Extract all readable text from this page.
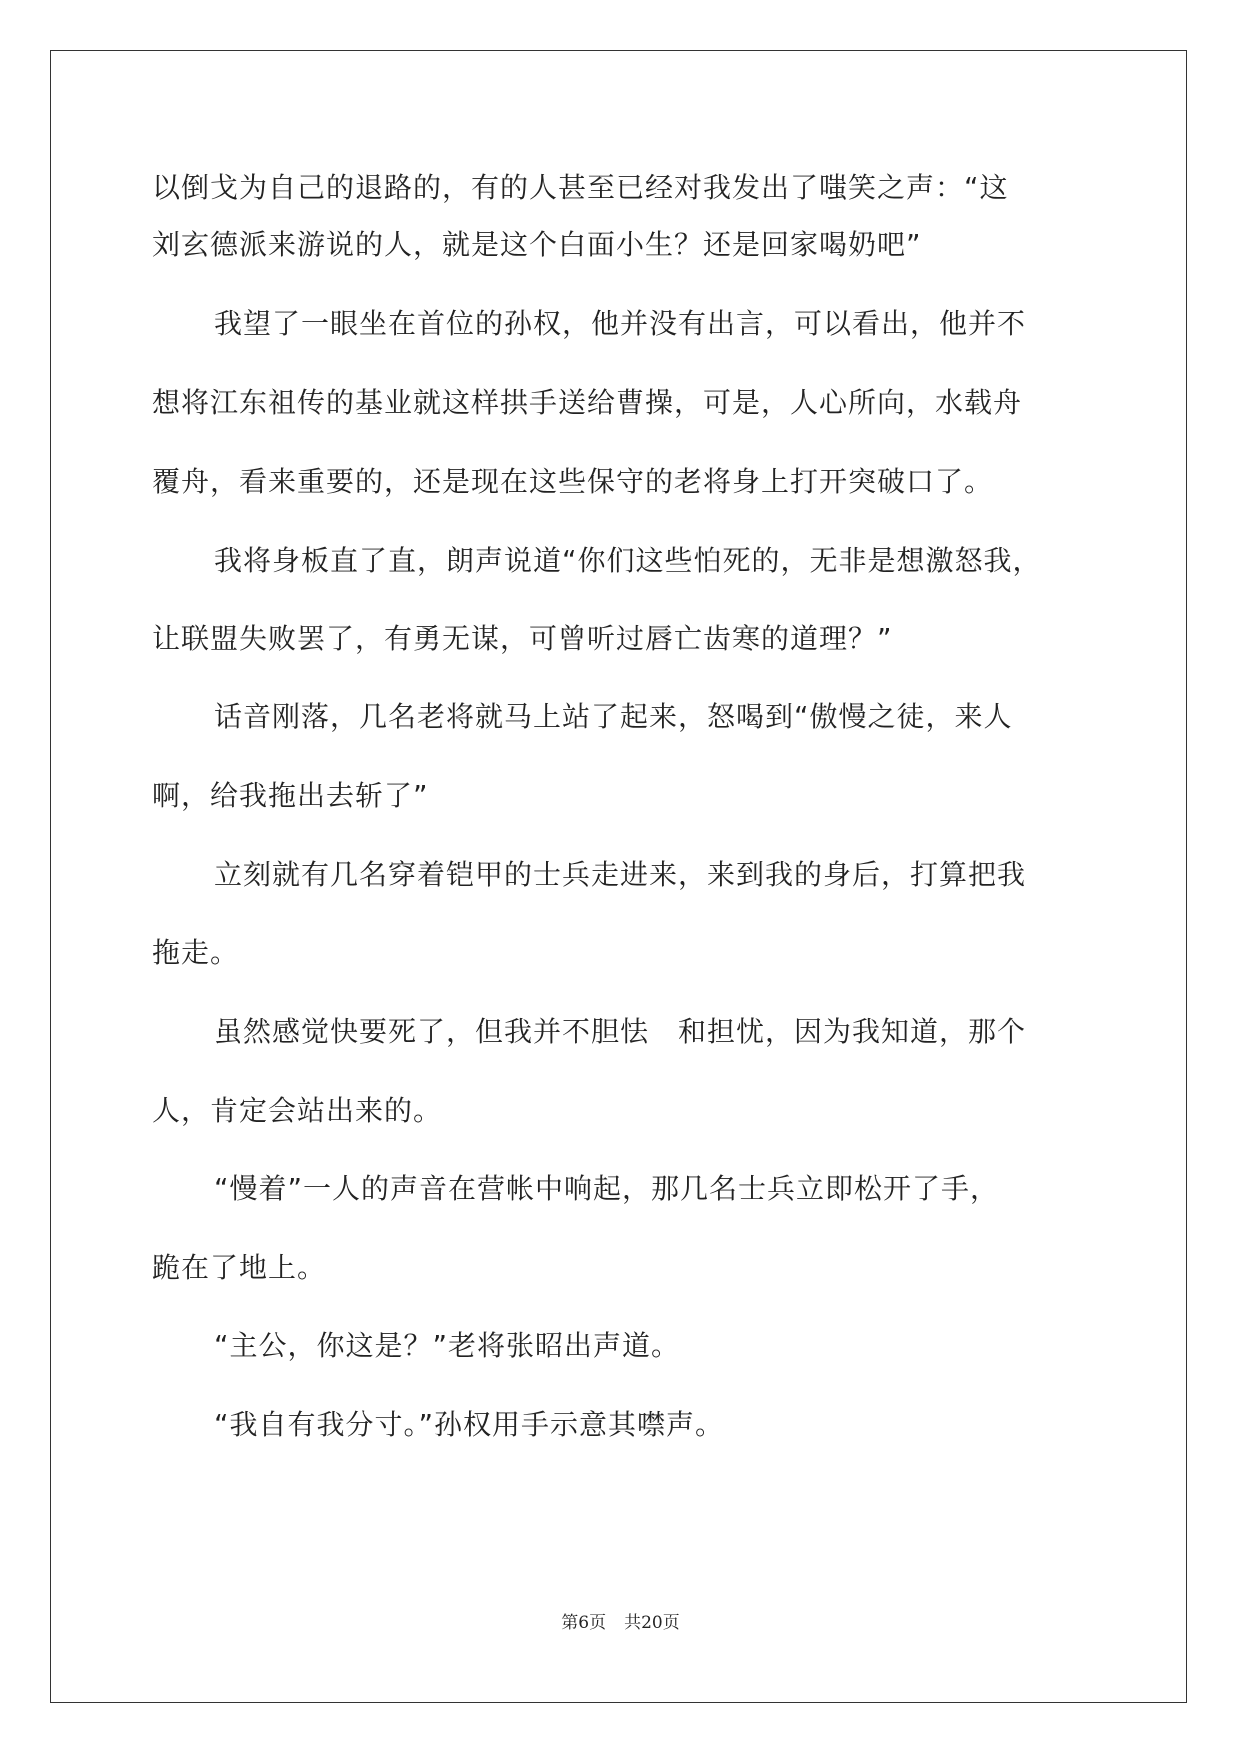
以倒戈为自己的退路的，有的人甚至已经对我发出了嗤笑之声：“这
刘玄德派来游说的人，就是这个白面小生？还是回家喝奶吧”
我望了一眼坐在首位的孙权，他并没有出言，可以看出，他并不
想将江东祖传的基业就这样拱手送给曹操，可是，人心所向，水载舟
覆舟，看来重要的，还是现在这些保守的老将身上打开突破口了。
我将身板直了直，朗声说道“你们这些怕死的，无非是想激怒我，
让联盟失败罢了，有勇无谋，可曾听过唇亡齿寒的道理？”
话音刚落，几名老将就马上站了起来，怒喝到“傲慢之徒，来人
啊，给我拖出去斩了”
立刻就有几名穿着铠甲的士兵走进来，来到我的身后，打算把我
拖走。
虽然感觉快要死了，但我并不胆怯　和担忧，因为我知道，那个
人，肯定会站出来的。
“慢着”一人的声音在营帐中响起，那几名士兵立即松开了手，
跪在了地上。
“主公，你这是？”老将张昭出声道。
“我自有我分寸。”孙权用手示意其噤声。
第6页 共20页
